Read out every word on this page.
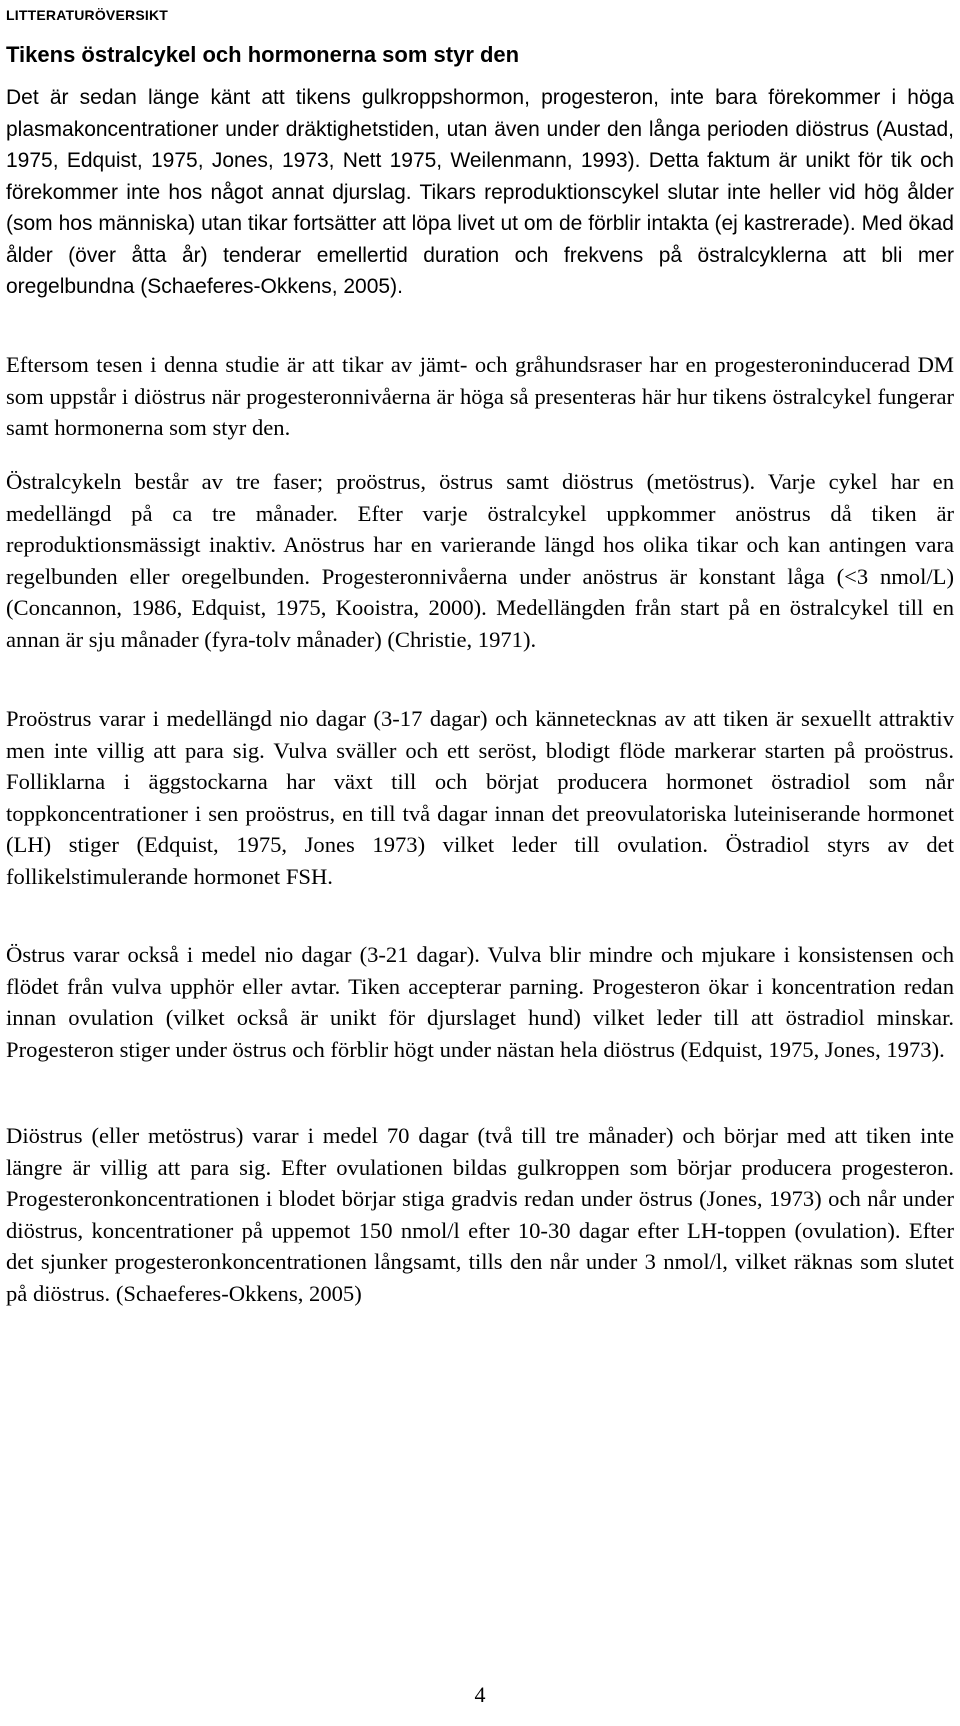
litteraturöversikt
Tikens östralcykel och hormonerna som styr den

Det är sedan länge känt att tikens gulkroppshormon, progesteron, inte bara förekommer i höga plasmakoncentrationer under dräktighetstiden, utan även under den långa perioden diöstrus (Austad, 1975, Edquist, 1975, Jones, 1973, Nett 1975, Weilenmann, 1993). Detta faktum är unikt för tik och förekommer inte hos något annat djurslag. Tikars reproduktionscykel slutar inte heller vid hög ålder (som hos människa) utan tikar fortsätter att löpa livet ut om de förblir intakta (ej kastrerade). Med ökad ålder (över åtta år) tenderar emellertid duration och frekvens på östralcyklerna att bli mer oregelbundna (Schaeferes-Okkens, 2005).

Eftersom tesen i denna studie är att tikar av jämt- och gråhundsraser har en progesteroninducerad DM som uppstår i diöstrus när progesteronnivåerna är höga så presenteras här hur tikens östralcykel fungerar samt hormonerna som styr den.

Östralcykeln består av tre faser; proöstrus, östrus samt diöstrus (metöstrus). Varje cykel har en medellängd på ca tre månader. Efter varje östralcykel uppkommer anöstrus då tiken är reproduktionsmässigt inaktiv. Anöstrus har en varierande längd hos olika tikar och kan antingen vara regelbunden eller oregelbunden. Progesteronnivåerna under anöstrus är konstant låga (<3 nmol/L) (Concannon, 1986, Edquist, 1975, Kooistra, 2000). Medellängden från start på en östralcykel till en annan är sju månader (fyra-tolv månader) (Christie, 1971).

Proöstrus varar i medellängd nio dagar (3-17 dagar) och kännetecknas av att tiken är sexuellt attraktiv men inte villig att para sig. Vulva sväller och ett seröst, blodigt flöde markerar starten på proöstrus. Folliklarna i äggstockarna har växt till och börjat producera hormonet östradiol som når toppkoncentrationer i sen proöstrus, en till två dagar innan det preovulatoriska luteiniserande hormonet (LH) stiger (Edquist, 1975, Jones 1973) vilket leder till ovulation. Östradiol styrs av det follikelstimulerande hormonet FSH.

Östrus varar också i medel nio dagar (3-21 dagar). Vulva blir mindre och mjukare i konsistensen och flödet från vulva upphör eller avtar. Tiken accepterar parning. Progesteron ökar i koncentration redan innan ovulation (vilket också är unikt för djurslaget hund) vilket leder till att östradiol minskar. Progesteron stiger under östrus och förblir högt under nästan hela diöstrus (Edquist, 1975, Jones, 1973).

Diöstrus (eller metöstrus) varar i medel 70 dagar (två till tre månader) och börjar med att tiken inte längre är villig att para sig. Efter ovulationen bildas gulkroppen som börjar producera progesteron. Progesteronkoncentrationen i blodet börjar stiga gradvis redan under östrus (Jones, 1973) och når under diöstrus, koncentrationer på uppemot 150 nmol/l efter 10-30 dagar efter LH-toppen (ovulation). Efter det sjunker progesteronkoncentrationen långsamt, tills den når under 3 nmol/l, vilket räknas som slutet på diöstrus. (Schaeferes-Okkens, 2005)

4
